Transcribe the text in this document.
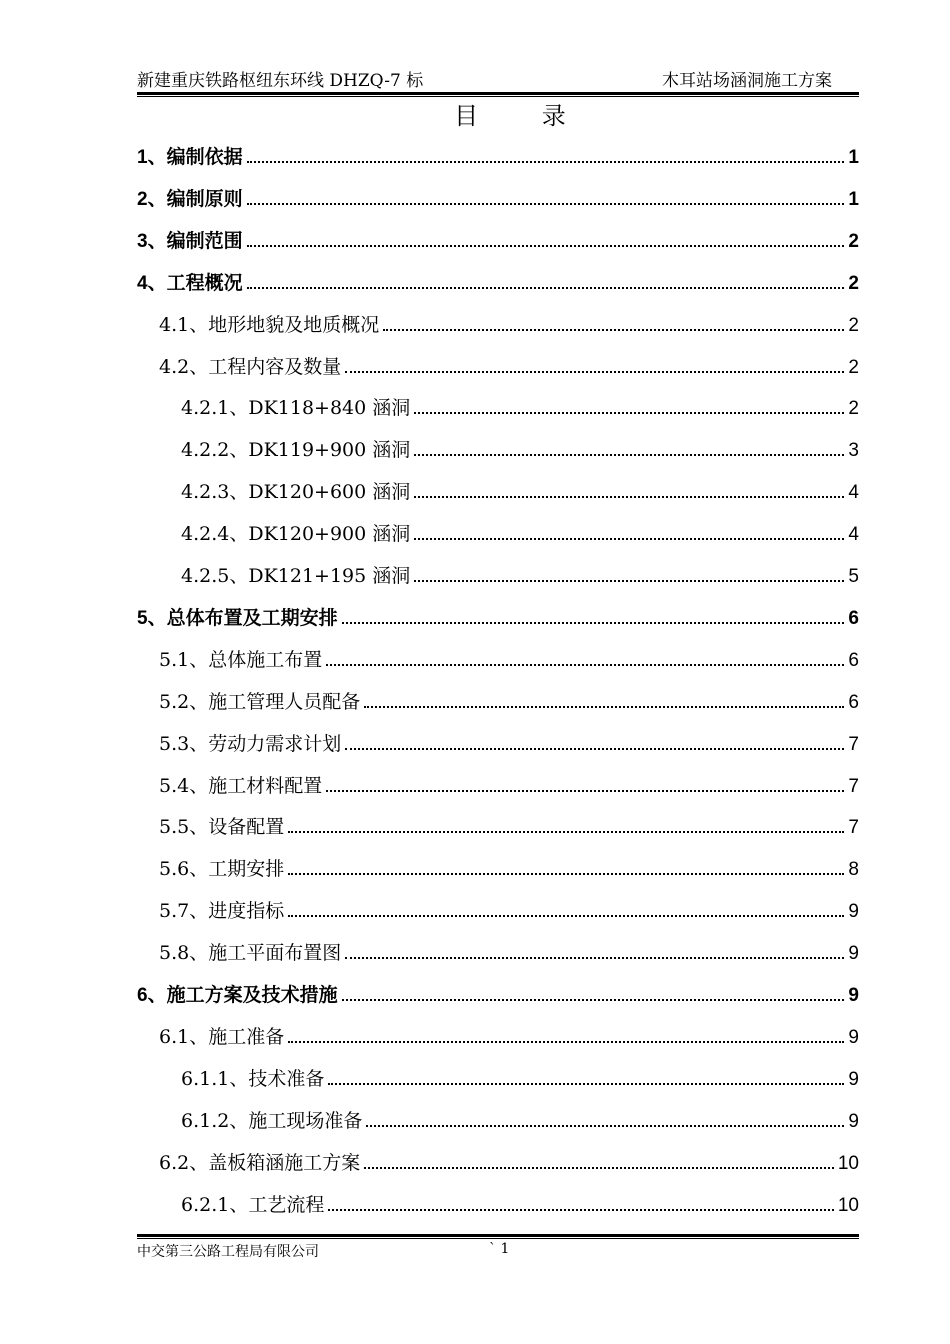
新建重庆铁路枢纽东环线 DHZQ-7 标	木耳站场涵洞施工方案
目 录
1、编制依据	1
2、编制原则	1
3、编制范围	2
4、工程概况	2
4.1、地形地貌及地质概况	2
4.2、工程内容及数量	2
4.2.1、DK118+840 涵洞	2
4.2.2、DK119+900 涵洞	3
4.2.3、DK120+600 涵洞	4
4.2.4、DK120+900 涵洞	4
4.2.5、DK121+195 涵洞	5
5、总体布置及工期安排	6
5.1、总体施工布置	6
5.2、施工管理人员配备	6
5.3、劳动力需求计划	7
5.4、施工材料配置	7
5.5、设备配置	7
5.6、工期安排	8
5.7、进度指标	9
5.8、施工平面布置图	9
6、施工方案及技术措施	9
6.1、施工准备	9
6.1.1、技术准备	9
6.1.2、施工现场准备	9
6.2、盖板箱涵施工方案	10
6.2.1、工艺流程	10
中交第三公路工程局有限公司	` 1
